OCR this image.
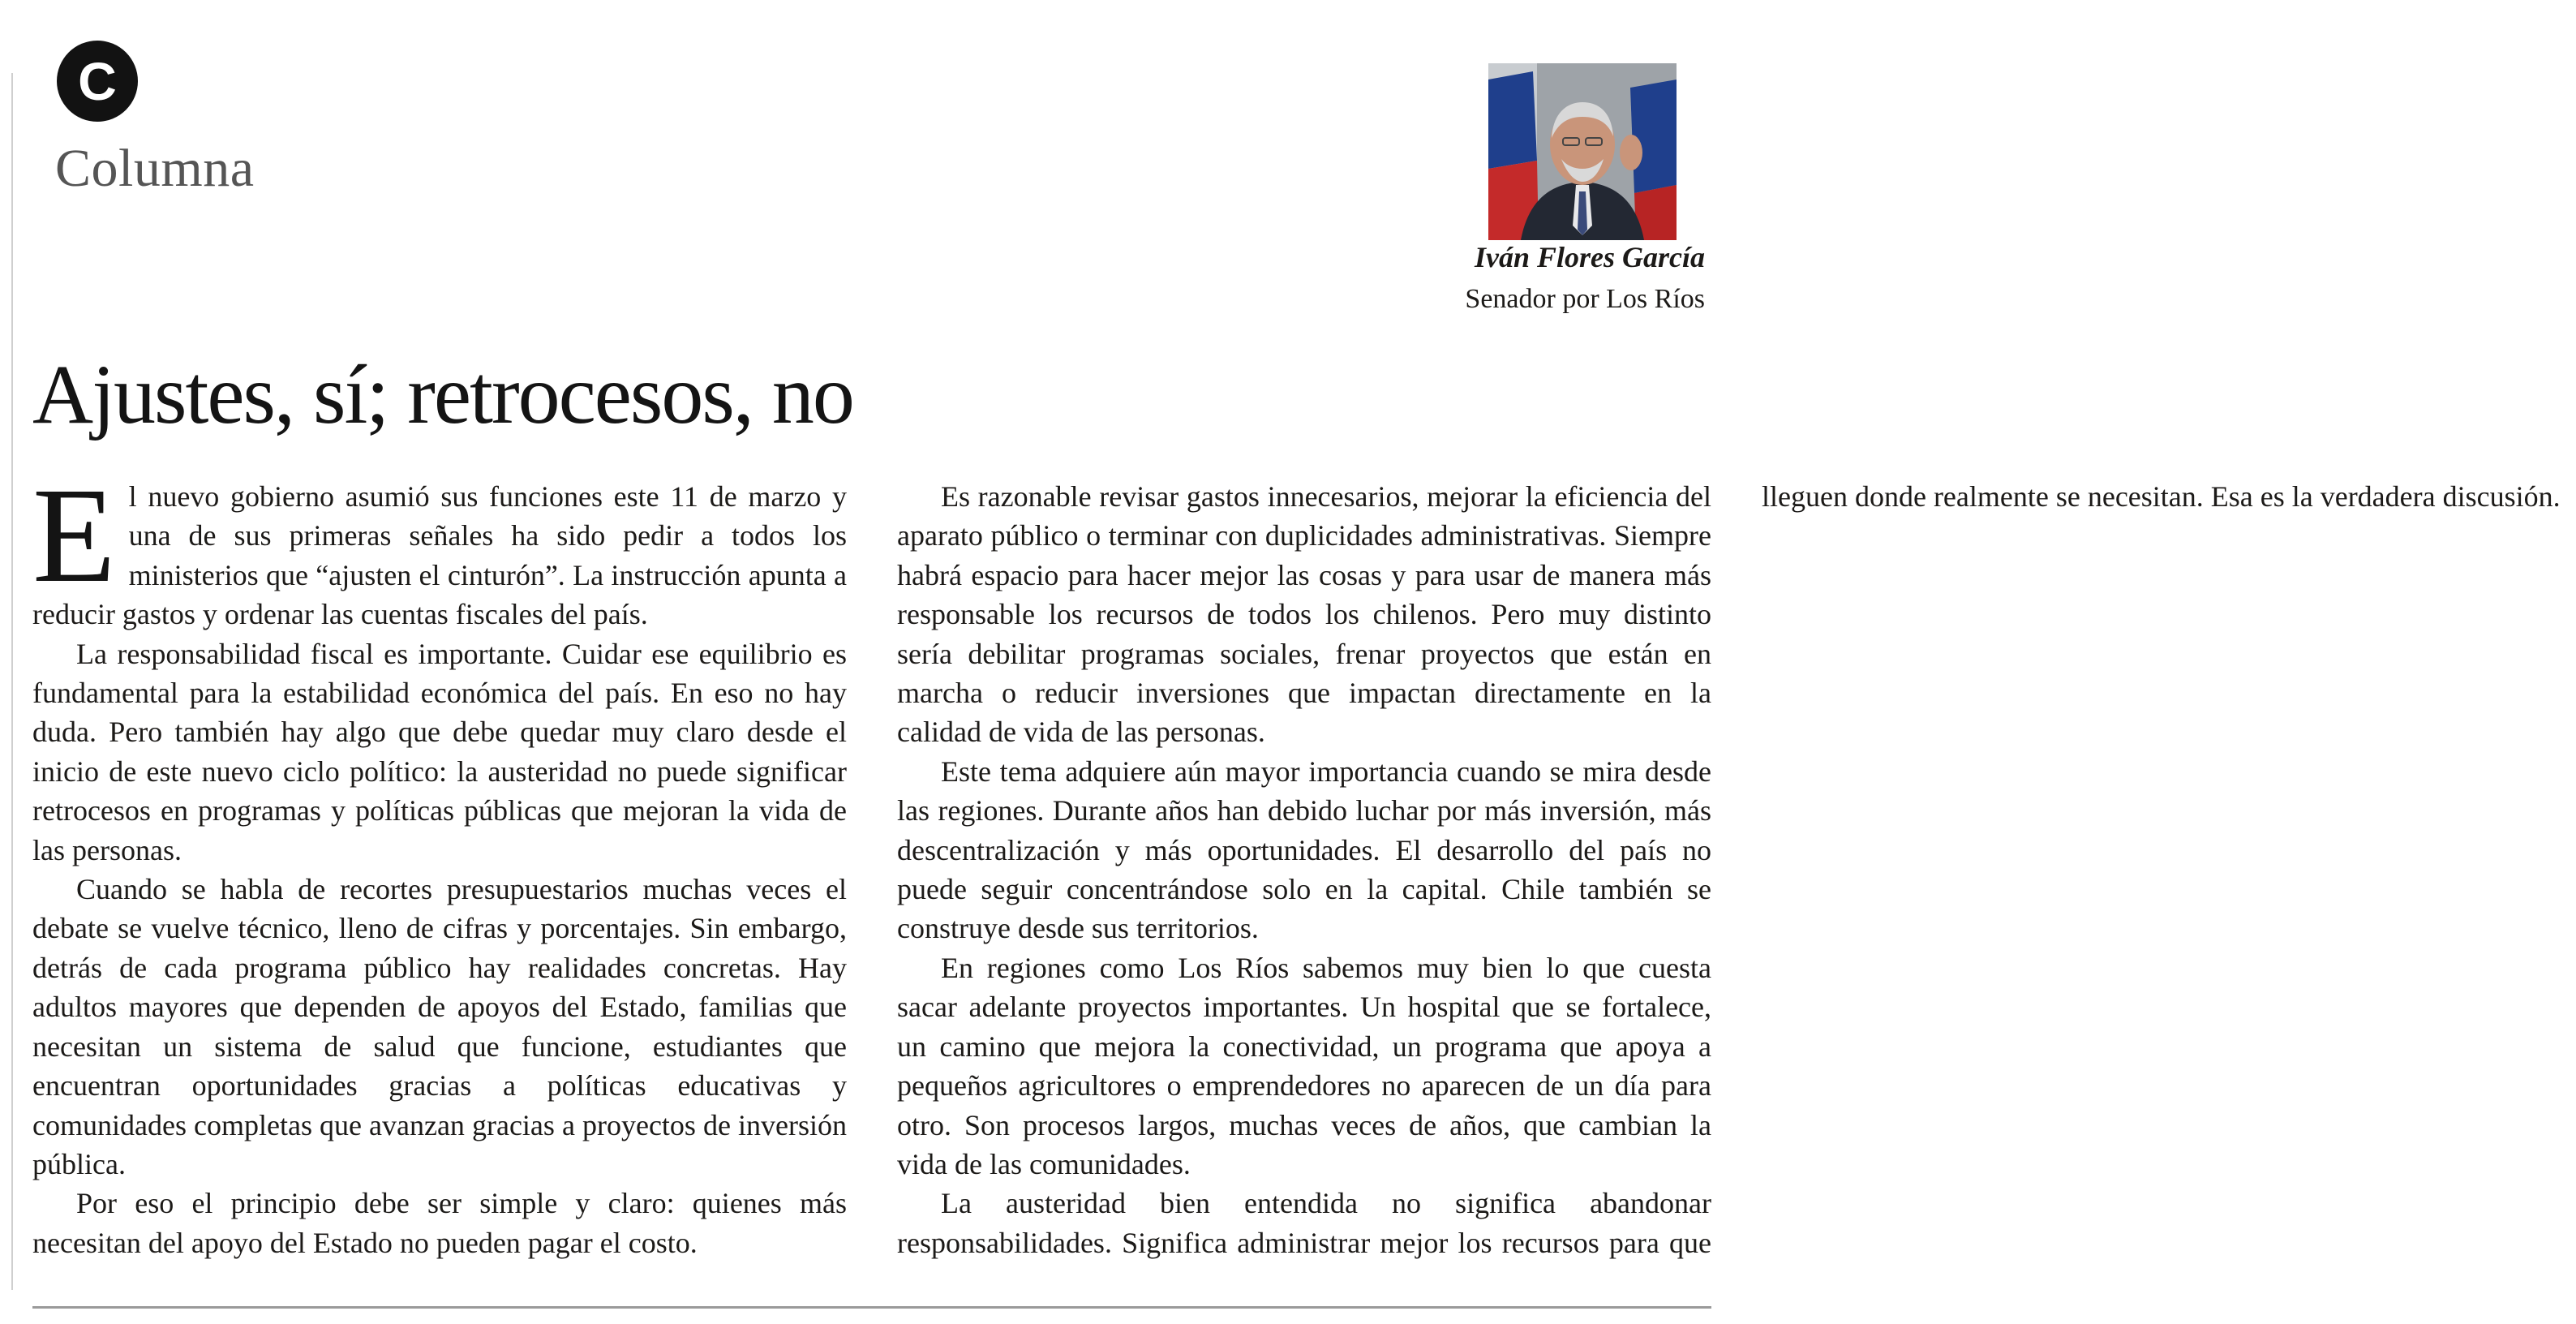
C
Columna
Iván Flores García
Senador por Los Ríos
Ajustes, sí; retrocesos, no

El nuevo gobierno asumió sus funciones este 11 de marzo y una de sus primeras señales ha sido pedir a todos los ministerios que “ajusten el cinturón”. La instrucción apunta a reducir gastos y ordenar las cuentas fiscales del país.

La responsabilidad fiscal es importante. Cuidar ese equilibrio es fundamental para la estabilidad económica del país. En eso no hay duda. Pero también hay algo que debe quedar muy claro desde el inicio de este nuevo ciclo político: la austeridad no puede significar retrocesos en programas y políticas públicas que mejoran la vida de las personas.

Cuando se habla de recortes presupuestarios muchas veces el debate se vuelve técnico, lleno de cifras y porcentajes. Sin embargo, detrás de cada programa público hay realidades concretas. Hay adultos mayores que dependen de apoyos del Estado, familias que necesitan un sistema de salud que funcione, estudiantes que encuentran oportunidades gracias a políticas educativas y comunidades completas que avanzan gracias a proyectos de inversión pública.

Por eso el principio debe ser simple y claro: quienes más necesitan del apoyo del Estado no pueden pagar el costo.

Es razonable revisar gastos innecesarios, mejorar la eficiencia del aparato público o terminar con duplicidades administrativas. Siempre habrá espacio para hacer mejor las cosas y para usar de manera más responsable los recursos de todos los chilenos. Pero muy distinto sería debilitar programas sociales, frenar proyectos que están en marcha o reducir inversiones que impactan directamente en la calidad de vida de las personas.

Este tema adquiere aún mayor importancia cuando se mira desde las regiones. Durante años han debido luchar por más inversión, más descentralización y más oportunidades. El desarrollo del país no puede seguir concentrándose solo en la capital. Chile también se construye desde sus territorios.

En regiones como Los Ríos sabemos muy bien lo que cuesta sacar adelante proyectos importantes. Un hospital que se fortalece, un camino que mejora la conectividad, un programa que apoya a pequeños agricultores o emprendedores no aparecen de un día para otro. Son procesos largos, muchas veces de años, que cambian la vida de las comunidades.

La austeridad bien entendida no significa abandonar responsabilidades. Significa administrar mejor los recursos para que lleguen donde realmente se necesitan. Esa es la verdadera discusión.
